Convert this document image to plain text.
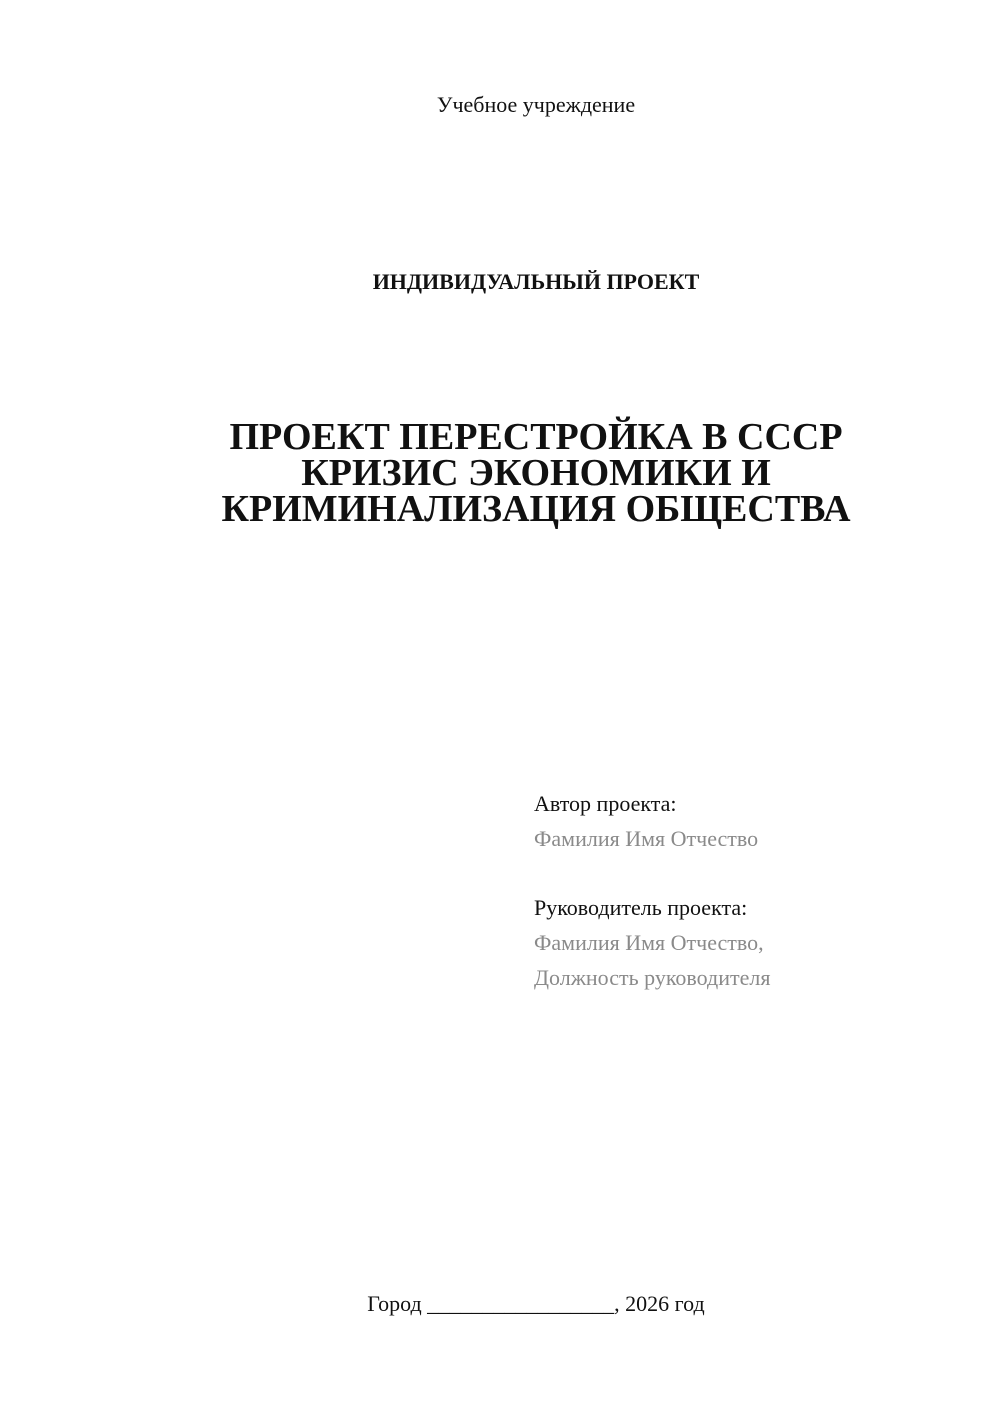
Учебное учреждение
ИНДИВИДУАЛЬНЫЙ ПРОЕКТ
ПРОЕКТ ПЕРЕСТРОЙКА В СССР
КРИЗИС ЭКОНОМИКИ И
КРИМИНАЛИЗАЦИЯ ОБЩЕСТВА
Автор проекта:
Фамилия Имя Отчество
Руководитель проекта:
Фамилия Имя Отчество,
Должность руководителя
Город _________________, 2026 год
